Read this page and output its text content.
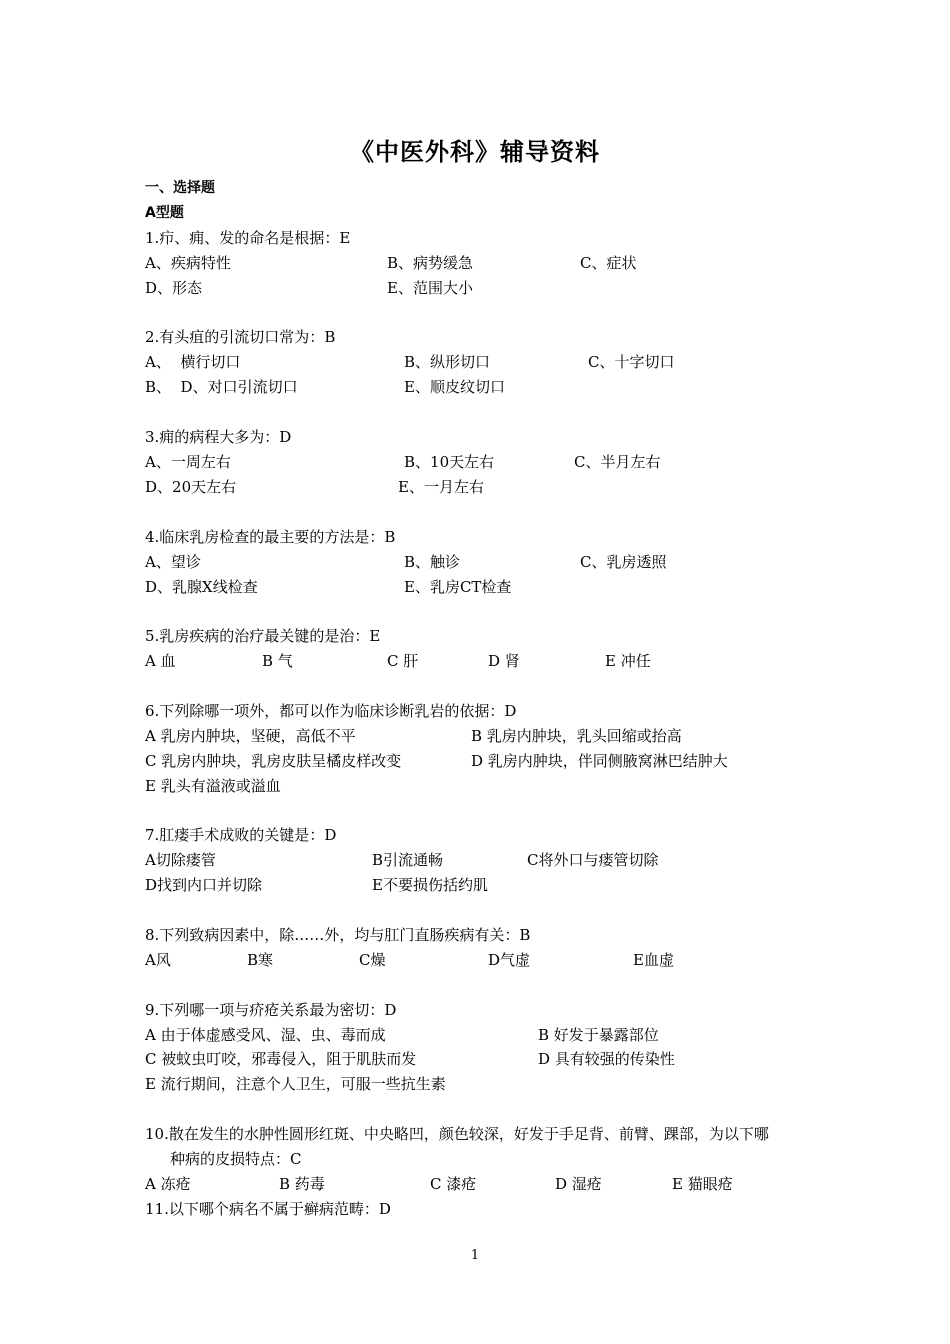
《中医外科》辅导资料
一、选择题
A型题
1.疖、痈、发的命名是根据：E
A、疾病特性	B、病势缓急	C、症状
D、形态	E、范围大小
2.有头疽的引流切口常为：B
A、  横行切口	B、纵形切口	C、十字切口
B、  D、对口引流切口	E、顺皮纹切口
3.痈的病程大多为：D
A、一周左右	B、10天左右	C、半月左右
D、20天左右	E、一月左右
4.临床乳房检查的最主要的方法是：B
A、望诊	B、触诊	C、乳房透照
D、乳腺X线检查	E、乳房CT检查
5.乳房疾病的治疗最关键的是治：E
A 血	B 气	C 肝	D 肾	E 冲任
6.下列除哪一项外，都可以作为临床诊断乳岩的依据：D
A 乳房内肿块，坚硬，高低不平	B 乳房内肿块，乳头回缩或抬高
C 乳房内肿块，乳房皮肤呈橘皮样改变	D 乳房内肿块，伴同侧腋窝淋巴结肿大
E 乳头有溢液或溢血
7.肛瘘手术成败的关键是：D
A切除瘘管	B引流通畅	C将外口与瘘管切除
D找到内口并切除	E不要损伤括约肌
8.下列致病因素中，除……外，均与肛门直肠疾病有关：B
A风	B寒	C燥	D气虚	E血虚
9.下列哪一项与疥疮关系最为密切：D
A 由于体虚感受风、湿、虫、毒而成	B 好发于暴露部位
C 被蚊虫叮咬，邪毒侵入，阻于肌肤而发	D 具有较强的传染性
E 流行期间，注意个人卫生，可服一些抗生素
10.散在发生的水肿性圆形红斑、中央略凹，颜色较深，好发于手足背、前臂、踝部，为以下哪
种病的皮损特点：C
A 冻疮	B 药毒	C 漆疮	D 湿疮	E 猫眼疮
11.以下哪个病名不属于癣病范畴：D
1
